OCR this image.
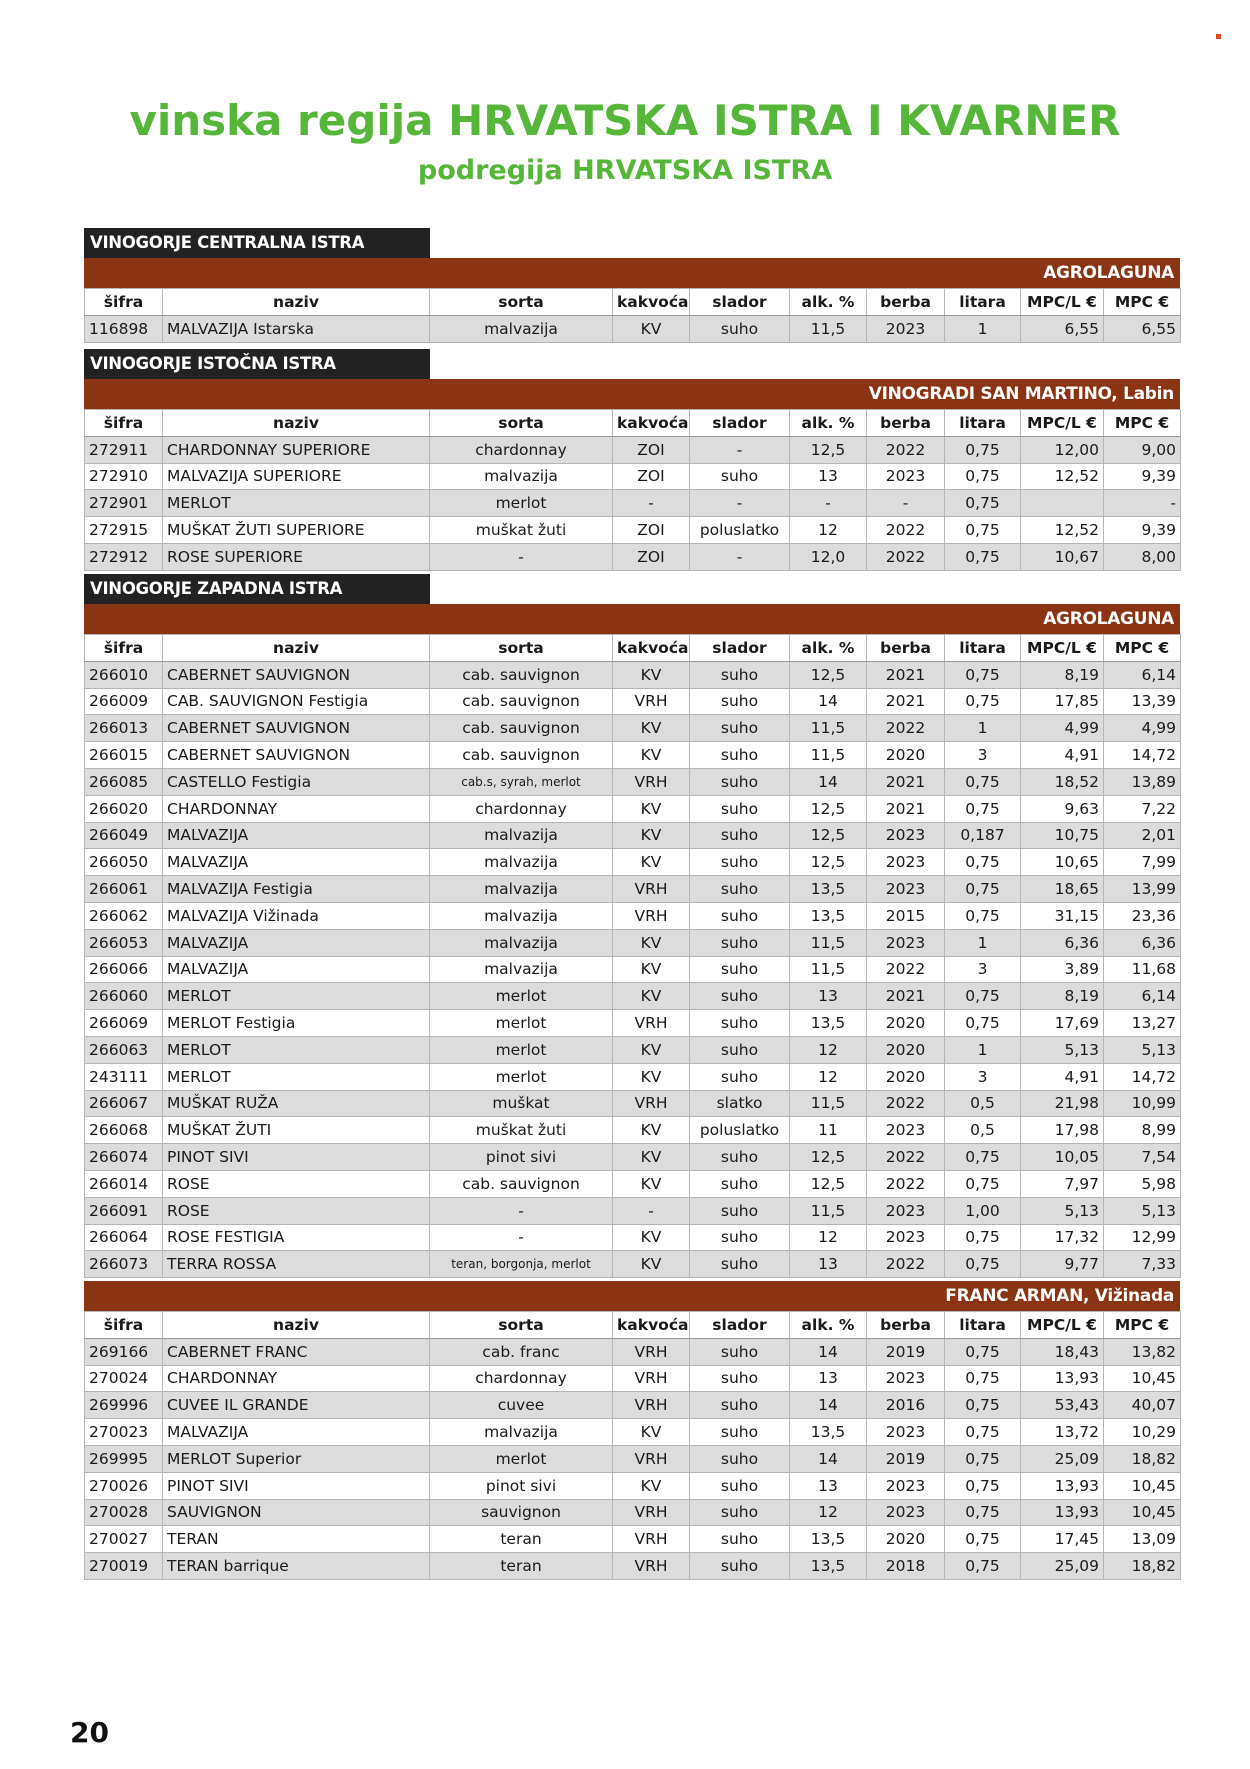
vinska regija HRVATSKA ISTRA I KVARNER
podregija HRVATSKA ISTRA
VINOGORJE CENTRALNA ISTRA
AGROLAGUNA
šifra	naziv	sorta	kakvoća	slador	alk. %	berba	litara	MPC/L €	MPC €
116898	MALVAZIJA Istarska	malvazija	KV	suho	11,5	2023	1	6,55	6,55
VINOGORJE ISTOČNA ISTRA
VINOGRADI SAN MARTINO, Labin
šifra	naziv	sorta	kakvoća	slador	alk. %	berba	litara	MPC/L €	MPC €
272911	CHARDONNAY SUPERIORE	chardonnay	ZOI	-	12,5	2022	0,75	12,00	9,00
272910	MALVAZIJA SUPERIORE	malvazija	ZOI	suho	13	2023	0,75	12,52	9,39
272901	MERLOT	merlot	-	-	-	-	0,75		-
272915	MUŠKAT ŽUTI SUPERIORE	muškat žuti	ZOI	poluslatko	12	2022	0,75	12,52	9,39
272912	ROSE SUPERIORE	-	ZOI	-	12,0	2022	0,75	10,67	8,00
VINOGORJE ZAPADNA ISTRA
AGROLAGUNA
šifra	naziv	sorta	kakvoća	slador	alk. %	berba	litara	MPC/L €	MPC €
266010	CABERNET SAUVIGNON	cab. sauvignon	KV	suho	12,5	2021	0,75	8,19	6,14
266009	CAB. SAUVIGNON Festigia	cab. sauvignon	VRH	suho	14	2021	0,75	17,85	13,39
266013	CABERNET SAUVIGNON	cab. sauvignon	KV	suho	11,5	2022	1	4,99	4,99
266015	CABERNET SAUVIGNON	cab. sauvignon	KV	suho	11,5	2020	3	4,91	14,72
266085	CASTELLO Festigia	cab.s, syrah, merlot	VRH	suho	14	2021	0,75	18,52	13,89
266020	CHARDONNAY	chardonnay	KV	suho	12,5	2021	0,75	9,63	7,22
266049	MALVAZIJA	malvazija	KV	suho	12,5	2023	0,187	10,75	2,01
266050	MALVAZIJA	malvazija	KV	suho	12,5	2023	0,75	10,65	7,99
266061	MALVAZIJA Festigia	malvazija	VRH	suho	13,5	2023	0,75	18,65	13,99
266062	MALVAZIJA Vižinada	malvazija	VRH	suho	13,5	2015	0,75	31,15	23,36
266053	MALVAZIJA	malvazija	KV	suho	11,5	2023	1	6,36	6,36
266066	MALVAZIJA	malvazija	KV	suho	11,5	2022	3	3,89	11,68
266060	MERLOT	merlot	KV	suho	13	2021	0,75	8,19	6,14
266069	MERLOT Festigia	merlot	VRH	suho	13,5	2020	0,75	17,69	13,27
266063	MERLOT	merlot	KV	suho	12	2020	1	5,13	5,13
243111	MERLOT	merlot	KV	suho	12	2020	3	4,91	14,72
266067	MUŠKAT RUŽA	muškat	VRH	slatko	11,5	2022	0,5	21,98	10,99
266068	MUŠKAT ŽUTI	muškat žuti	KV	poluslatko	11	2023	0,5	17,98	8,99
266074	PINOT SIVI	pinot sivi	KV	suho	12,5	2022	0,75	10,05	7,54
266014	ROSE	cab. sauvignon	KV	suho	12,5	2022	0,75	7,97	5,98
266091	ROSE	-	-	suho	11,5	2023	1,00	5,13	5,13
266064	ROSE FESTIGIA	-	KV	suho	12	2023	0,75	17,32	12,99
266073	TERRA ROSSA	teran, borgonja, merlot	KV	suho	13	2022	0,75	9,77	7,33
FRANC ARMAN, Vižinada
šifra	naziv	sorta	kakvoća	slador	alk. %	berba	litara	MPC/L €	MPC €
269166	CABERNET FRANC	cab. franc	VRH	suho	14	2019	0,75	18,43	13,82
270024	CHARDONNAY	chardonnay	VRH	suho	13	2023	0,75	13,93	10,45
269996	CUVEE IL GRANDE	cuvee	VRH	suho	14	2016	0,75	53,43	40,07
270023	MALVAZIJA	malvazija	KV	suho	13,5	2023	0,75	13,72	10,29
269995	MERLOT Superior	merlot	VRH	suho	14	2019	0,75	25,09	18,82
270026	PINOT SIVI	pinot sivi	KV	suho	13	2023	0,75	13,93	10,45
270028	SAUVIGNON	sauvignon	VRH	suho	12	2023	0,75	13,93	10,45
270027	TERAN	teran	VRH	suho	13,5	2020	0,75	17,45	13,09
270019	TERAN barrique	teran	VRH	suho	13,5	2018	0,75	25,09	18,82
20
